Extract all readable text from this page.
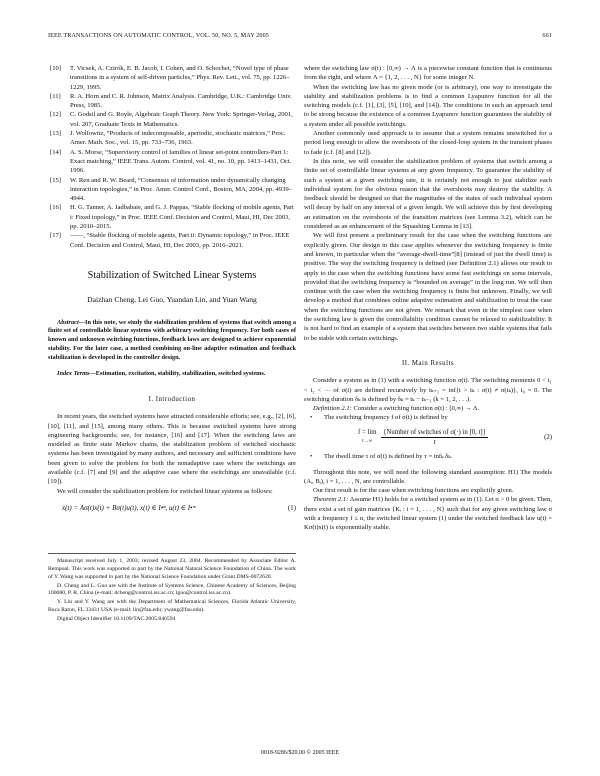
IEEE TRANSACTIONS ON AUTOMATIC CONTROL, VOL. 50, NO. 5, MAY 2005	661
[10]	T. Vicsek, A. Czirók, E. B. Jacob, I. Cohen, and O. Schochet, “Novel type of phase transitions in a system of self-driven particles,” Phys. Rev. Lett., vol. 75, pp. 1226–1229, 1995.
[11]	R. A. Horn and C. R. Johnson, Matrix Analysis. Cambridge, U.K.: Cambridge Univ. Press, 1985.
[12]	C. Godsil and G. Royle, Algebraic Graph Theory. New York: Springer-Verlag, 2001, vol. 207, Graduate Texts in Mathematics.
[13]	J. Wolfowitz, “Products of indecomposable, aperiodic, stochastic matrices,” Proc. Amer. Math. Soc., vol. 15, pp. 733–736, 1963.
[14]	A. S. Morse, “Supervisory control of families of linear set-point controllers-Part 1: Exact matching,” IEEE Trans. Autom. Control, vol. 41, no. 10, pp. 1413–1431, Oct. 1996.
[15]	W. Ren and R. W. Beard, “Consensus of information under dynamically changing interaction topologies,” in Proc. Amer. Control Conf., Boston, MA, 2004, pp. 4939–4944.
[16]	H. G. Tanner, A. Jadbabaie, and G. J. Pappas, “Stable flocking of mobile agents, Part i: Fixed topology,” in Proc. IEEE Conf. Decision and Control, Maui, HI, Dec 2003, pp. 2010–2015.
[17]	——, “Stable flocking of mobile agents, Part ii: Dynamic topology,” in Proc. IEEE Conf. Decision and Control, Maui, HI, Dec 2003, pp. 2016–2021.
Stabilization of Switched Linear Systems
Daizhan Cheng, Lei Guo, Yuandan Lin, and Yuan Wang

Abstract—In this note, we study the stabilization problem of systems that switch among a finite set of controllable linear systems with arbitrary switching frequency. For both cases of known and unknown switching functions, feedback laws are designed to achieve exponential stability. For the later case, a method combining on-line adaptive estimation and feedback stabilization is developed in the controller design.

Index Terms—Estimation, excitation, stability, stabilization, switched systems.

I. Introduction

In recent years, the switched systems have attracted considerable efforts; see, e.g., [2], [6], [10], [11], and [15], among many others. This is because switched systems have strong engineering backgrounds; see, for instance, [16] and [17]. When the switching laws are modeled as finite state Markov chains, the stabilization problem of switched stochastic systems has been investigated by many authors, and necessary and sufficient conditions have been given to solve the problem for both the nonadaptive case where the switchings are available (c.f. [7] and [9] and the adaptive case where the switchings are unavailable (c.f. [19]).

We will consider the stabilization problem for switched linear systems as follows:

ẋ(t) = Aσ(t)x(t) + Bσ(t)u(t), x(t) ∈ I•ⁿ, u(t) ∈ I•ᵐ	(1)

Manuscript received July 1, 2003; revised August 23, 2004. Recommended by Associate Editor A. Rempoal. This work was supported in part by the National Natural Science Foundation of China. The work of Y. Wang was supported in part by the National Science Foundation under Grant DMS-0072620.

D. Cheng and L. Guo are with the Institute of Systems Science, Chinese Academy of Sciences, Beijing 100080, P. R. China (e-mail: dcheng@control.iss.ac.cn; lguo@control.iss.ac.cn).

Y. Lin and Y. Wang are with the Department of Mathematical Sciences, Florida Atlantic University, Boca Raton, FL 33431 USA (e-mail: lin@fau.edu; ywang@fau.edu).

Digital Object Identifier 10.1109/TAC.2005.846594

where the switching law σ(t) : [0,∞) → Λ is a piecewise constant function that is continuous from the right, and where Λ = {1, 2, . . . , N} for some integer N.

When the switching law has no given mode (or is arbitrary), one way to investigate the stability and stabilization problems is to find a common Lyapunov function for all the switching models (c.f. [1], [3], [5], [10], and [14]). The conditions in such an approach tend to be strong because the existence of a common Lyapunov function guarantees the stability of a system under all possible switchings.

Another commonly used approach is to assume that a system remains unswitched for a period long enough to allow the overshoots of the closed-loop system in the transient phases to fade (c.f. [8] and [12]).

In this note, we will consider the stabilization problem of systems that switch among a finite set of controllable linear systems at any given frequency. To guarantee the stability of such a system at a given switching rate, it is certainly not enough to just stabilize each individual system for the obvious reason that the overshoots may destroy the stability. A feedback should be designed so that the magnitudes of the states of each individual system will decay by half on any interval of a given length. We will achieve this by first developing an estimation on the overshoots of the transition matrices (see Lemma 3.2), which can be considered as an enhancement of the Squashing Lemma in [13].

We will first present a preliminary result for the case when the switching functions are explicitly given. Our design in this case applies whenever the switching frequency is finite and known, in particular when the “average-dwell-time”[8] (instead of just the dwell time) is positive. The way the switching frequency is defined (see Definition 2.1) allows our result to apply to the case when the switching functions have some fast switchings on some intervals, provided that the switching frequency is “bounded on average” in the long run. We will then continue with the case when the switching frequency is finite but unknown. Finally, we will develop a method that combines online adaptive estimation and stabilization to treat the case when the switching functions are not given. We remark that even in the simplest case when the switching law is given the controllability condition cannot be relaxed to stabilizability. It is not hard to find an example of a system that switches between two stable systems that fails to be stable with certain switchings.

II. Main Results

Consider a system as in (1) with a switching function σ(t). The switching moments 0 < t₁ < t₂ < ··· of σ(t) are defined recursively by tₖ₊₁ = inf{t > tₖ : σ(t) ≠ σ(tₖ)}, t₀ = 0. The switching duration δₖ is defined by δₖ = tₖ − tₖ₋₁ (k = 1, 2, . . .).

Definition 2.1: Consider a switching function σ(t) : [0,∞) → Λ.

•	The switching frequency f of σ(t) is defined by
f = lim
t→∞
$\frac{\text{\{Number of switches of σ(·) in [0, t]\}}}{t}$	(2)
•	The dwell time τ of σ(t) is defined by τ = infₖ δₖ.

Throughout this note, we will need the following standard assumption: H1) The models (Aᵢ, Bᵢ), i = 1, . . . , N, are controllable.

Our first result is for the case when switching functions are explicitly given.

Theorem 2.1: Assume H1) holds for a switched system as in (1). Let α > 0 be given. Then, there exist a set of gain matrices {Kᵢ : i = 1, . . . , N} such that for any given switching law σ with a frequency f ≤ α, the switched linear system (1) under the switched feedback law u(t) = Kσ(t)x(t) is exponentially stable.

0018-9286/$20.00 © 2005 IEEE
